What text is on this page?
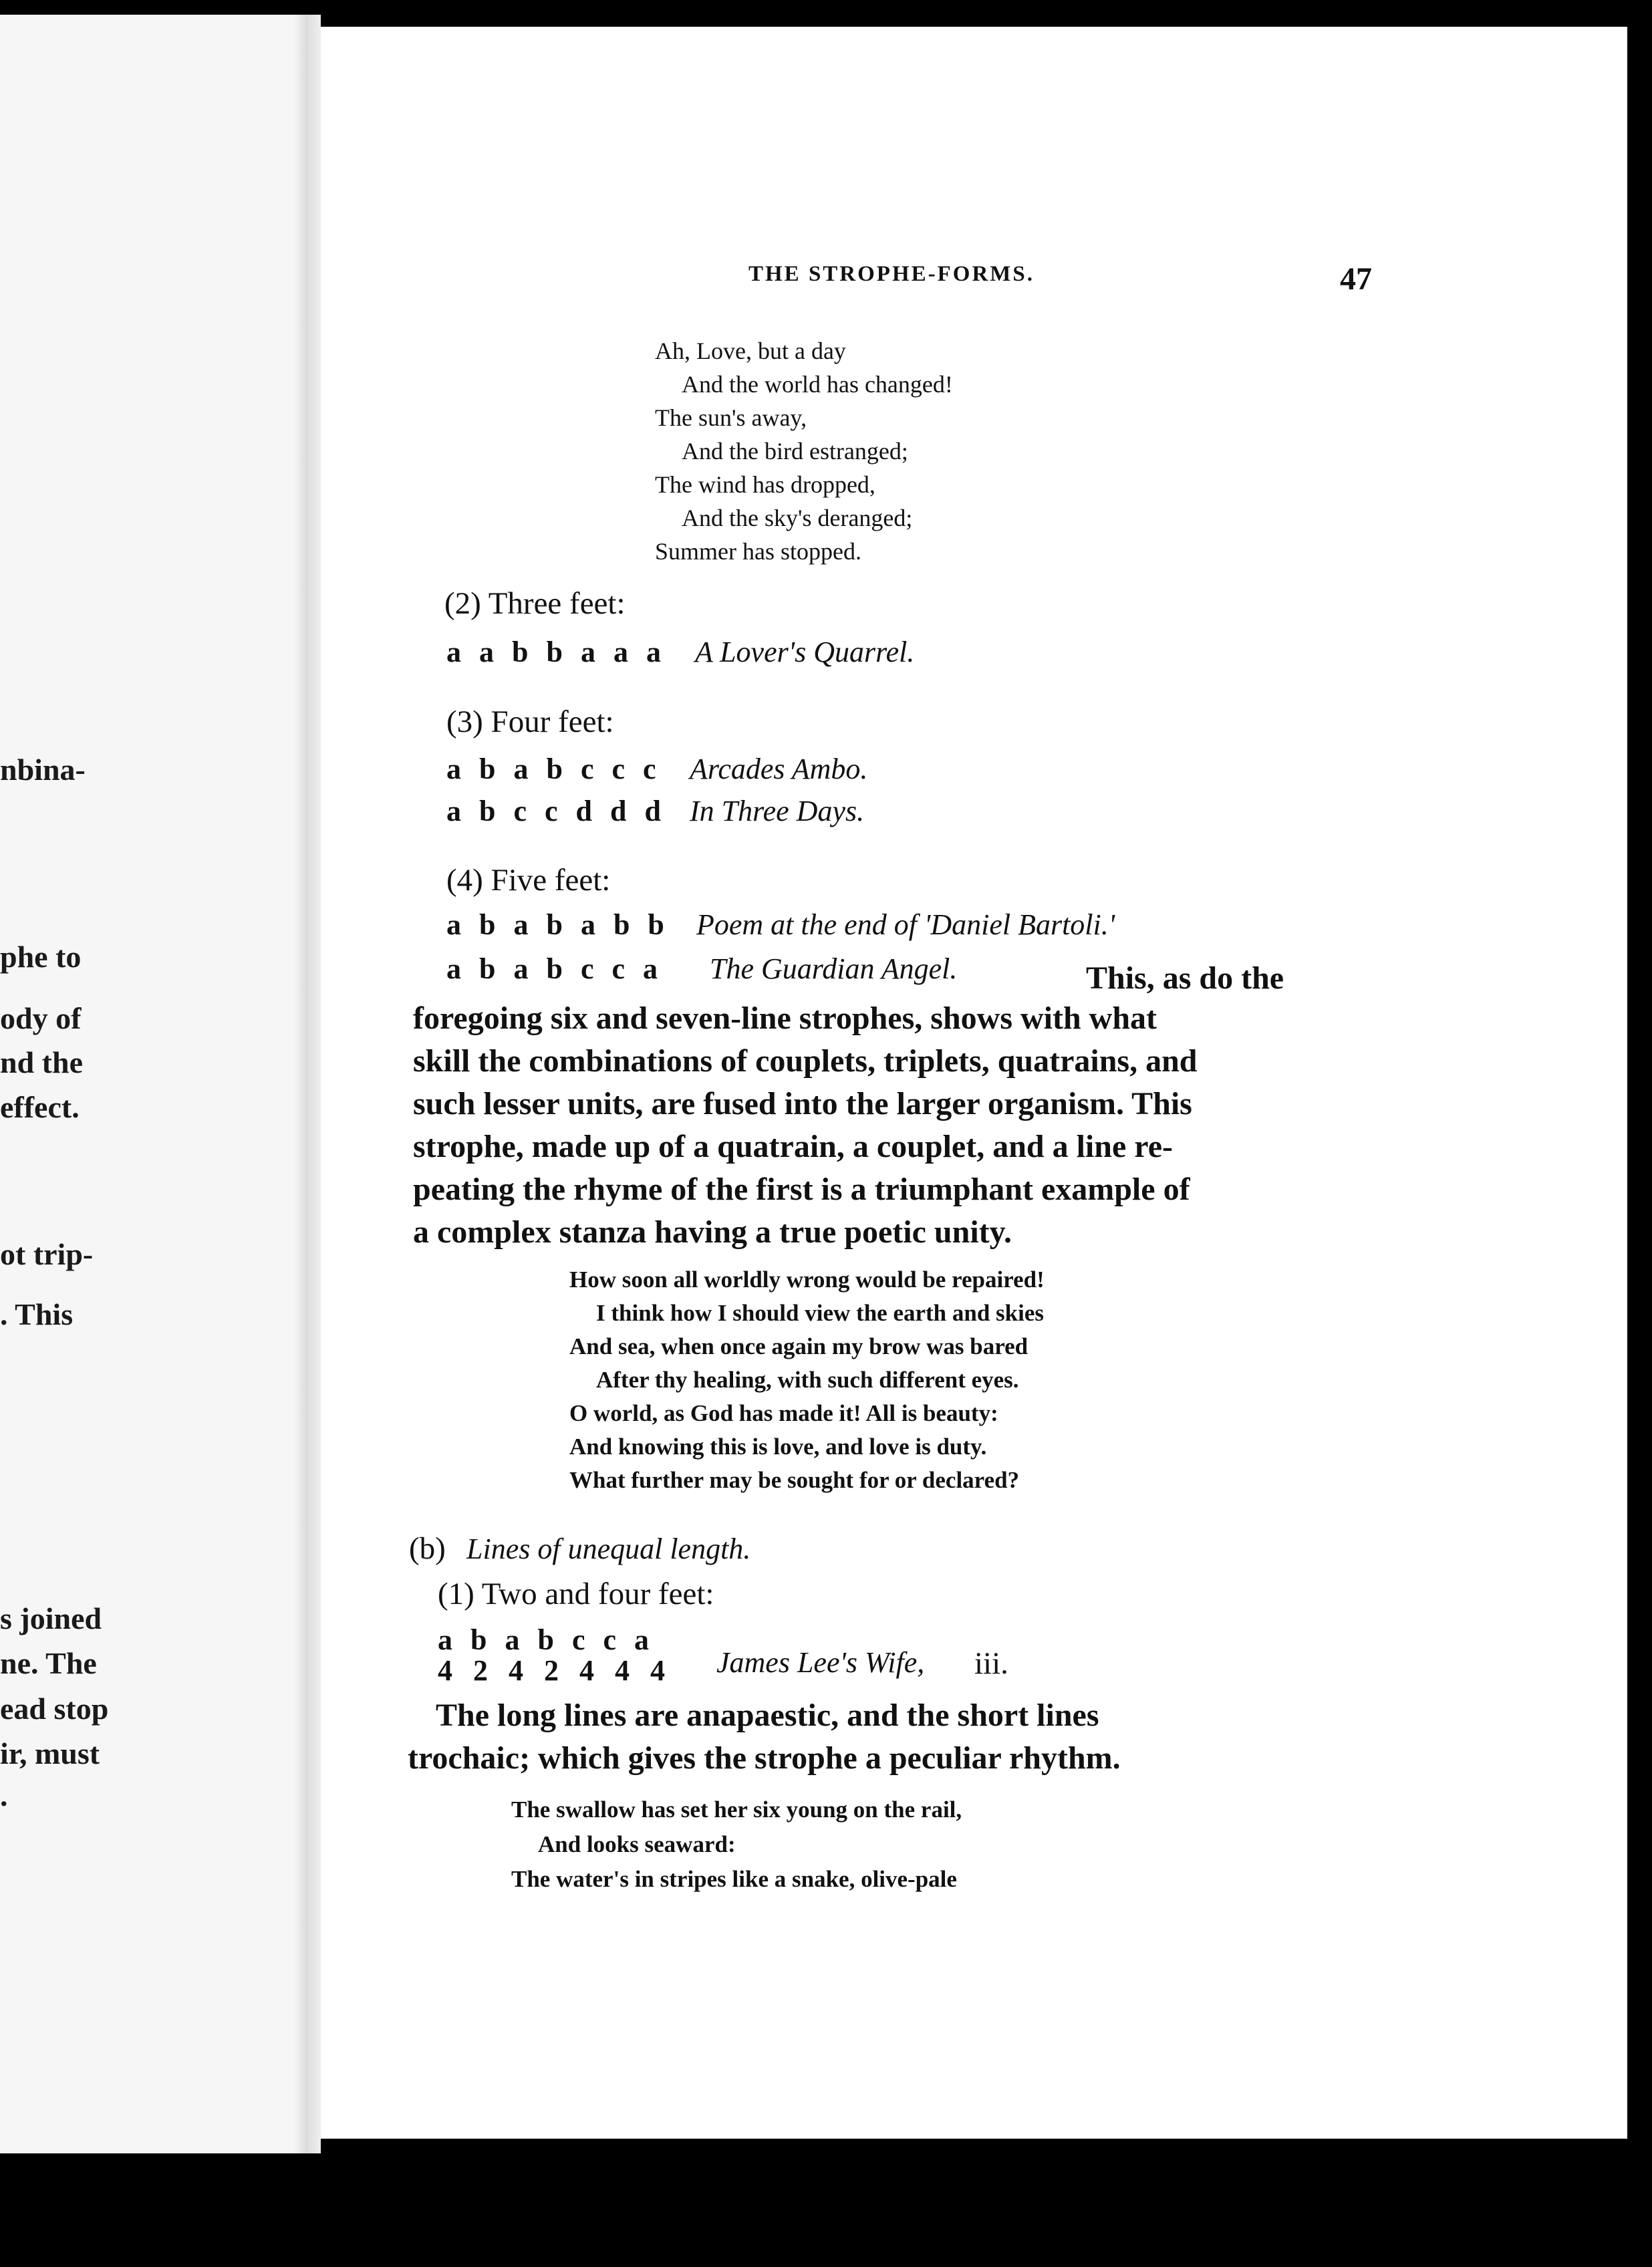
nbina-
phe to
ody of
nd the
effect.
ot trip-
. This
s joined
ne. The
ead stop
ir, must
.
THE STROPHE-FORMS.	47
Ah, Love, but a day
And the world has changed!
The sun's away,
And the bird estranged;
The wind has dropped,
And the sky's deranged;
Summer has stopped.
(2) Three feet:
a a b b a a a A Lover's Quarrel.
(3) Four feet:
a b a b c c c Arcades Ambo.
a b c c d d d In Three Days.
(4) Five feet:
a b a b a b b Poem at the end of 'Daniel Bartoli.'
a b a b c c a The Guardian Angel.	This, as do the
foregoing six and seven-line strophes, shows with what
skill the combinations of couplets, triplets, quatrains, and
such lesser units, are fused into the larger organism. This
strophe, made up of a quatrain, a couplet, and a line re-
peating the rhyme of the first is a triumphant example of
a complex stanza having a true poetic unity.
How soon all worldly wrong would be repaired!
I think how I should view the earth and skies
And sea, when once again my brow was bared
After thy healing, with such different eyes.
O world, as God has made it! All is beauty:
And knowing this is love, and love is duty.
What further may be sought for or declared?
(b) Lines of unequal length.
(1) Two and four feet:
a b a b c c a
4 2 4 2 4 4 4 James Lee's Wife, iii.
The long lines are anapaestic, and the short lines
trochaic; which gives the strophe a peculiar rhythm.
The swallow has set her six young on the rail,
And looks seaward:
The water's in stripes like a snake, olive-pale
